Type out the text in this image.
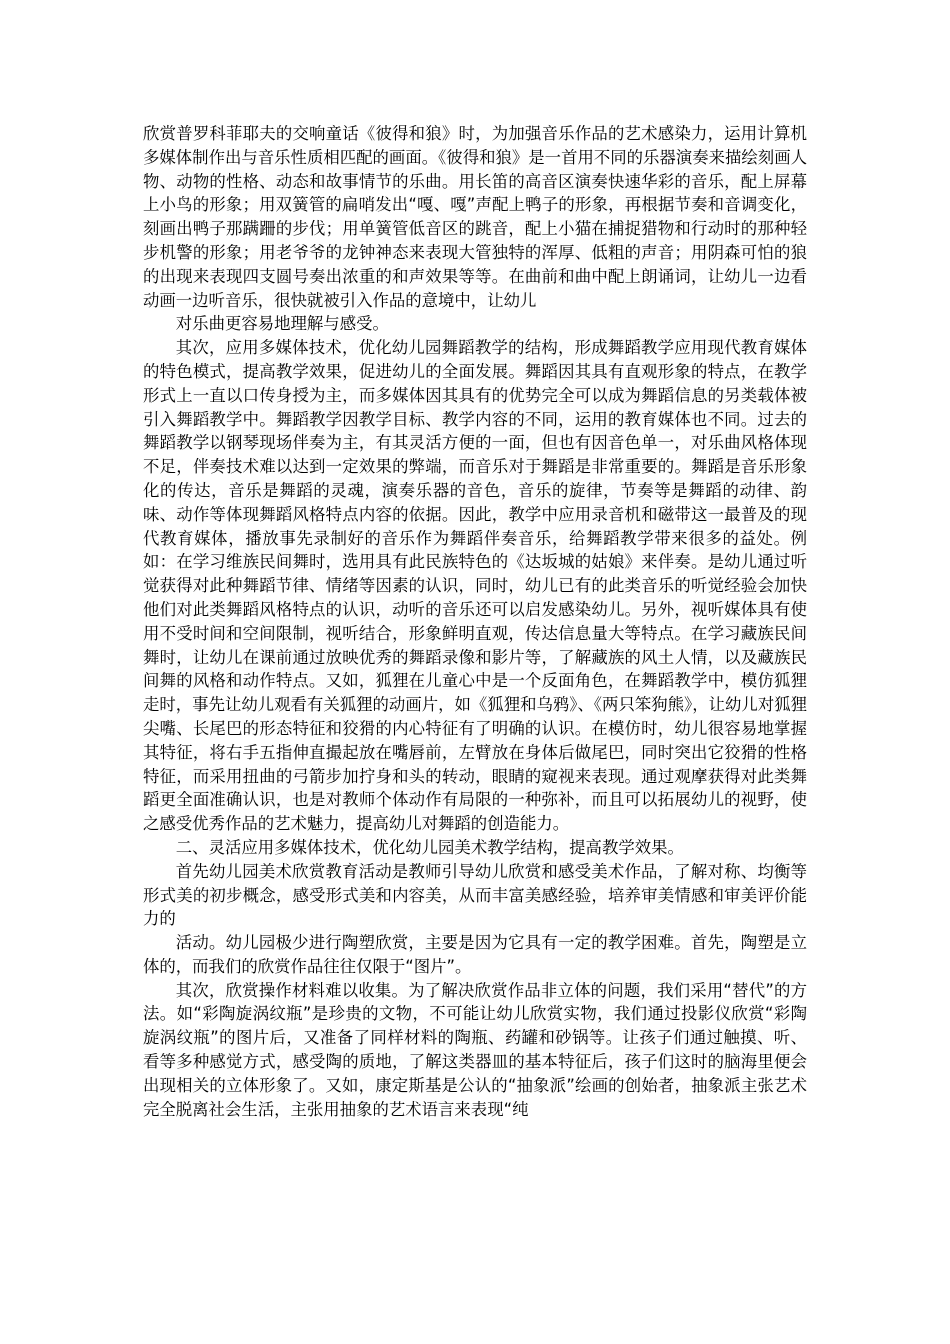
欣赏普罗科菲耶夫的交响童话《彼得和狼》时，为加强音乐作品的艺术感染力，运用计算机多媒体制作出与音乐性质相匹配的画面。《彼得和狼》是一首用不同的乐器演奏来描绘刻画人物、动物的性格、动态和故事情节的乐曲。用长笛的高音区演奏快速华彩的音乐，配上屏幕上小鸟的形象；用双簧管的扁哨发出“嘎、嘎”声配上鸭子的形象，再根据节奏和音调变化，刻画出鸭子那蹒跚的步伐；用单簧管低音区的跳音，配上小猫在捕捉猎物和行动时的那种轻步机警的形象；用老爷爷的龙钟神态来表现大管独特的浑厚、低粗的声音；用阴森可怕的狼的出现来表现四支圆号奏出浓重的和声效果等等。在曲前和曲中配上朗诵词，让幼儿一边看动画一边听音乐，很快就被引入作品的意境中，让幼儿

对乐曲更容易地理解与感受。

其次，应用多媒体技术，优化幼儿园舞蹈教学的结构，形成舞蹈教学应用现代教育媒体的特色模式，提高教学效果，促进幼儿的全面发展。舞蹈因其具有直观形象的特点，在教学形式上一直以口传身授为主，而多媒体因其具有的优势完全可以成为舞蹈信息的另类载体被引入舞蹈教学中。舞蹈教学因教学目标、教学内容的不同，运用的教育媒体也不同。过去的舞蹈教学以钢琴现场伴奏为主，有其灵活方便的一面，但也有因音色单一，对乐曲风格体现不足，伴奏技术难以达到一定效果的弊端，而音乐对于舞蹈是非常重要的。舞蹈是音乐形象化的传达，音乐是舞蹈的灵魂，演奏乐器的音色，音乐的旋律，节奏等是舞蹈的动律、韵味、动作等体现舞蹈风格特点内容的依据。因此，教学中应用录音机和磁带这一最普及的现代教育媒体，播放事先录制好的音乐作为舞蹈伴奏音乐，给舞蹈教学带来很多的益处。例如：在学习维族民间舞时，选用具有此民族特色的《达坂城的姑娘》来伴奏。是幼儿通过听觉获得对此种舞蹈节律、情绪等因素的认识，同时，幼儿已有的此类音乐的听觉经验会加快他们对此类舞蹈风格特点的认识，动听的音乐还可以启发感染幼儿。另外，视听媒体具有使用不受时间和空间限制，视听结合，形象鲜明直观，传达信息量大等特点。在学习藏族民间舞时，让幼儿在课前通过放映优秀的舞蹈录像和影片等，了解藏族的风土人情，以及藏族民间舞的风格和动作特点。又如，狐狸在儿童心中是一个反面角色，在舞蹈教学中，模仿狐狸走时，事先让幼儿观看有关狐狸的动画片，如《狐狸和乌鸦》、《两只笨狗熊》，让幼儿对狐狸尖嘴、长尾巴的形态特征和狡猾的内心特征有了明确的认识。在模仿时，幼儿很容易地掌握其特征，将右手五指伸直撮起放在嘴唇前，左臂放在身体后做尾巴，同时突出它狡猾的性格特征，而采用扭曲的弓箭步加拧身和头的转动，眼睛的窥视来表现。通过观摩获得对此类舞蹈更全面准确认识，也是对教师个体动作有局限的一种弥补，而且可以拓展幼儿的视野，使之感受优秀作品的艺术魅力，提高幼儿对舞蹈的创造能力。

二、灵活应用多媒体技术，优化幼儿园美术教学结构，提高教学效果。

首先幼儿园美术欣赏教育活动是教师引导幼儿欣赏和感受美术作品，了解对称、均衡等形式美的初步概念，感受形式美和内容美，从而丰富美感经验，培养审美情感和审美评价能力的

活动。幼儿园极少进行陶塑欣赏，主要是因为它具有一定的教学困难。首先，陶塑是立体的，而我们的欣赏作品往往仅限于“图片”。

其次，欣赏操作材料难以收集。为了解决欣赏作品非立体的问题，我们采用“替代”的方法。如“彩陶旋涡纹瓶”是珍贵的文物，不可能让幼儿欣赏实物，我们通过投影仪欣赏“彩陶旋涡纹瓶”的图片后，又准备了同样材料的陶瓶、药罐和砂锅等。让孩子们通过触摸、听、看等多种感觉方式，感受陶的质地，了解这类器皿的基本特征后，孩子们这时的脑海里便会出现相关的立体形象了。又如，康定斯基是公认的“抽象派”绘画的创始者，抽象派主张艺术完全脱离社会生活，主张用抽象的艺术语言来表现“纯
